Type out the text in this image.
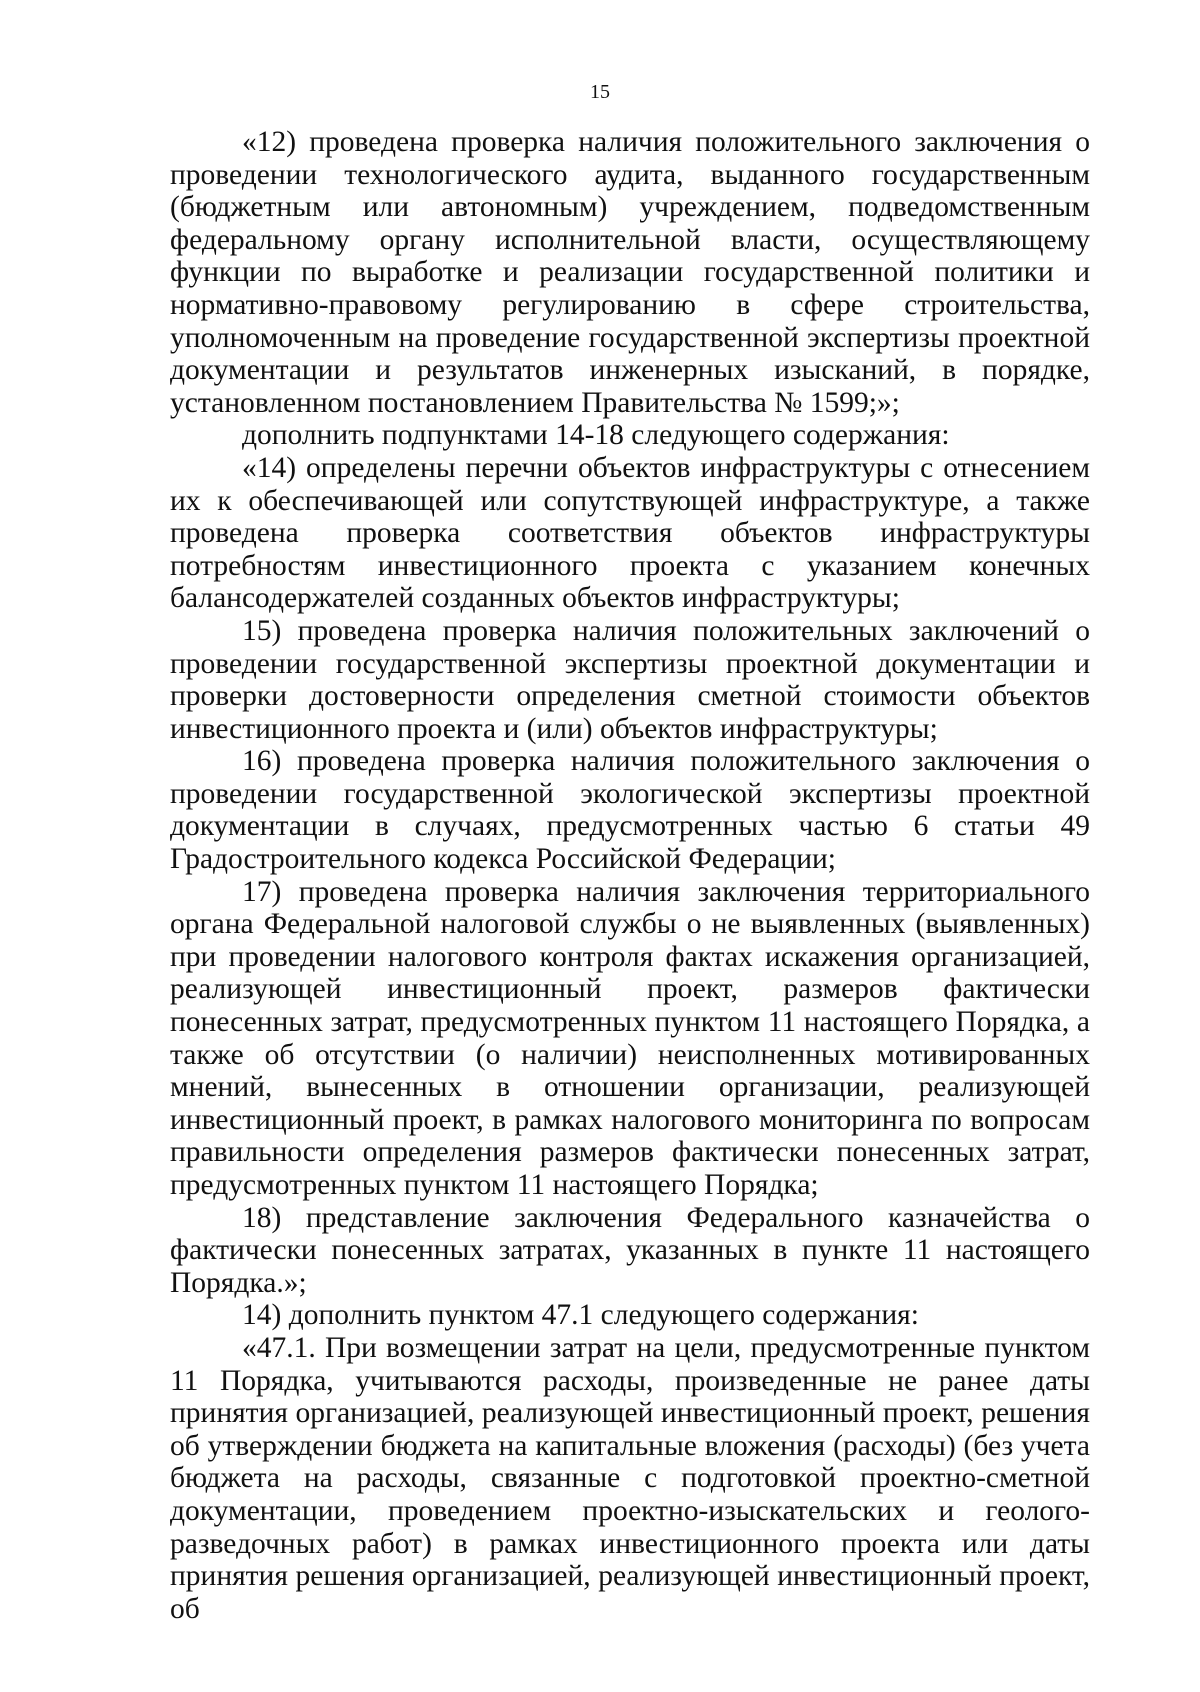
15

«12) проведена проверка наличия положительного заключения о проведении технологического аудита, выданного государственным (бюджетным или автономным) учреждением, подведомственным федеральному органу исполнительной власти, осуществляющему функции по выработке и реализации государственной политики и нормативно-правовому регулированию в сфере строительства, уполномоченным на проведение государственной экспертизы проектной документации и результатов инженерных изысканий, в порядке, установленном постановлением Правительства № 1599;»;

дополнить подпунктами 14-18 следующего содержания:

«14) определены перечни объектов инфраструктуры с отнесением их к обеспечивающей или сопутствующей инфраструктуре, а также проведена проверка соответствия объектов инфраструктуры потребностям инвестиционного проекта с указанием конечных балансодержателей созданных объектов инфраструктуры;

15) проведена проверка наличия положительных заключений о проведении государственной экспертизы проектной документации и проверки достоверности определения сметной стоимости объектов инвестиционного проекта и (или) объектов инфраструктуры;

16) проведена проверка наличия положительного заключения о проведении государственной экологической экспертизы проектной документации в случаях, предусмотренных частью 6 статьи 49 Градостроительного кодекса Российской Федерации;

17) проведена проверка наличия заключения территориального органа Федеральной налоговой службы о не выявленных (выявленных) при проведении налогового контроля фактах искажения организацией, реализующей инвестиционный проект, размеров фактически понесенных затрат, предусмотренных пунктом 11 настоящего Порядка, а также об отсутствии (о наличии) неисполненных мотивированных мнений, вынесенных в отношении организации, реализующей инвестиционный проект, в рамках налогового мониторинга по вопросам правильности определения размеров фактически понесенных затрат, предусмотренных пунктом 11 настоящего Порядка;

18) представление заключения Федерального казначейства о фактически понесенных затратах, указанных в пункте 11 настоящего Порядка.»;

14) дополнить пунктом 47.1 следующего содержания:

«47.1. При возмещении затрат на цели, предусмотренные пунктом 11 Порядка, учитываются расходы, произведенные не ранее даты принятия организацией, реализующей инвестиционный проект, решения об утверждении бюджета на капитальные вложения (расходы) (без учета бюджета на расходы, связанные с подготовкой проектно-сметной документации, проведением проектно-изыскательских и геолого-разведочных работ) в рамках инвестиционного проекта или даты принятия решения организацией, реализующей инвестиционный проект, об
